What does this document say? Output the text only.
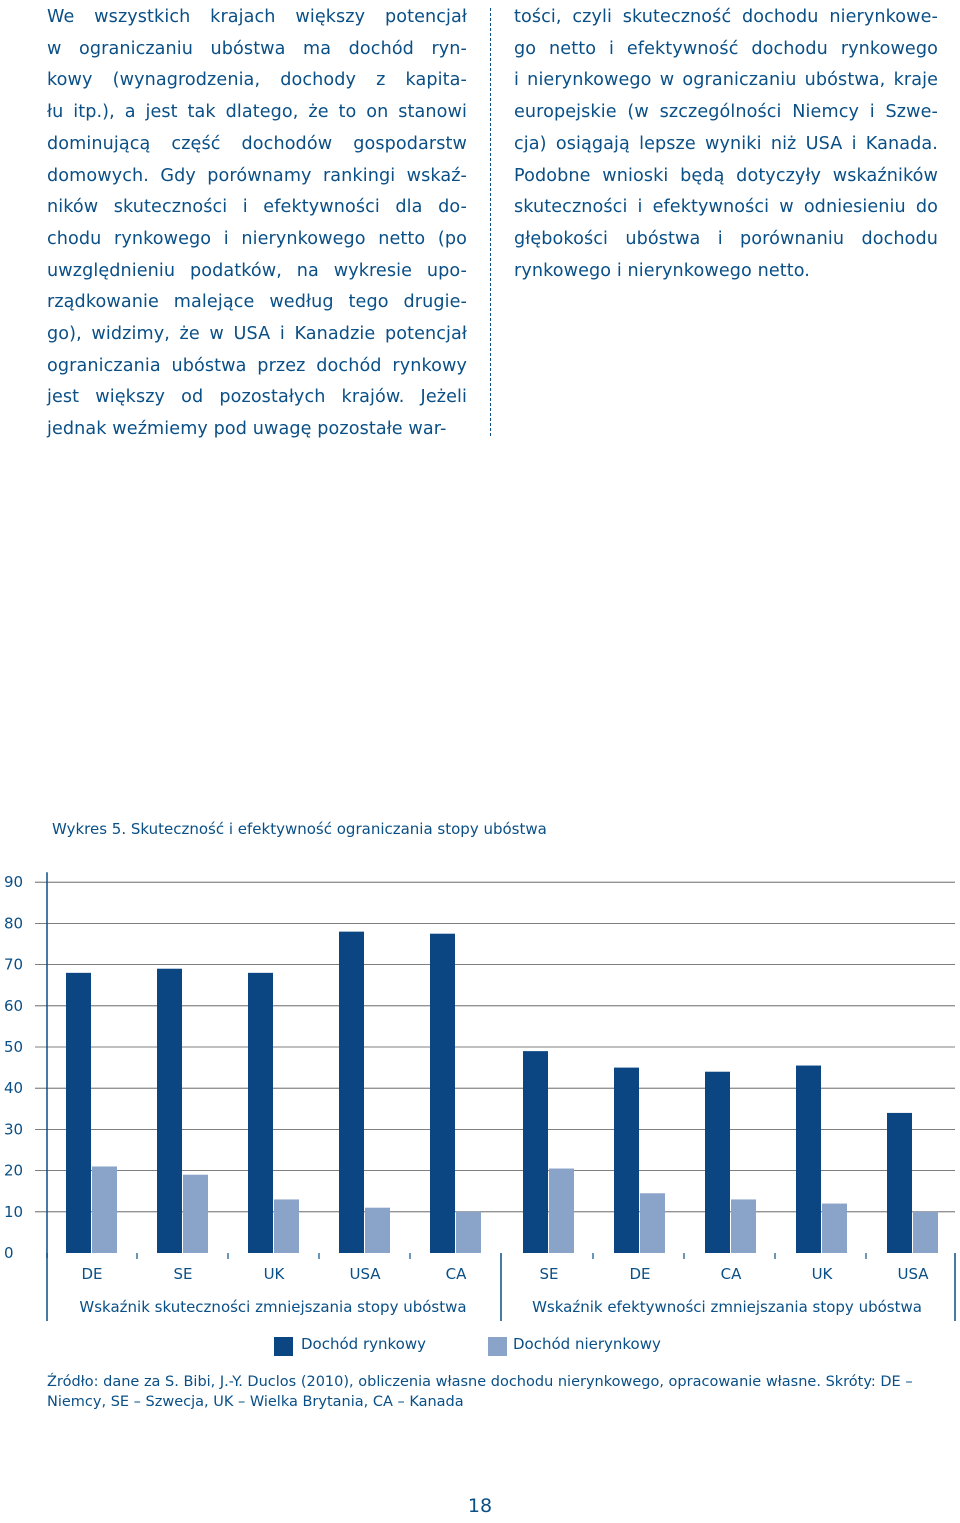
We wszystkich krajach większy potencjał
w ograniczaniu ubóstwa ma dochód ryn-
kowy (wynagrodzenia, dochody z kapita-
łu itp.), a jest tak dlatego, że to on stanowi
dominującą część dochodów gospodarstw
domowych. Gdy porównamy rankingi wskaź-
ników skuteczności i efektywności dla do-
chodu rynkowego i nierynkowego netto (po
uwzględnieniu podatków, na wykresie upo-
rządkowanie malejące według tego drugie-
go), widzimy, że w USA i Kanadzie potencjał
ograniczania ubóstwa przez dochód rynkowy
jest większy od pozostałych krajów. Jeżeli
jednak weźmiemy pod uwagę pozostałe war-
tości, czyli skuteczność dochodu nierynkowe-
go netto i efektywność dochodu rynkowego
i nierynkowego w ograniczaniu ubóstwa, kraje
europejskie (w szczególności Niemcy i Szwe-
cja) osiągają lepsze wyniki niż USA i Kanada.
Podobne wnioski będą dotyczyły wskaźników
skuteczności i efektywności w odniesieniu do
głębokości ubóstwa i porównaniu dochodu
rynkowego i nierynkowego netto.
Wykres 5. Skuteczność i efektywność ograniczania stopy ubóstwa
0
10
20
30
40
50
60
70
80
90
DE	SE	UK	USA	CA
Wskaźnik skuteczności zmniejszania stopy ubóstwa
SE	DE	CA	UK	USA
Wskaźnik efektywności zmniejszania stopy ubóstwa
Dochód rynkowy	Dochód nierynkowy
Źródło: dane za S. Bibi, J.-Y. Duclos (2010), obliczenia własne dochodu nierynkowego, opracowanie własne. Skróty: DE – Niemcy, SE – Szwecja, UK – Wielka Brytania, CA – Kanada
18
